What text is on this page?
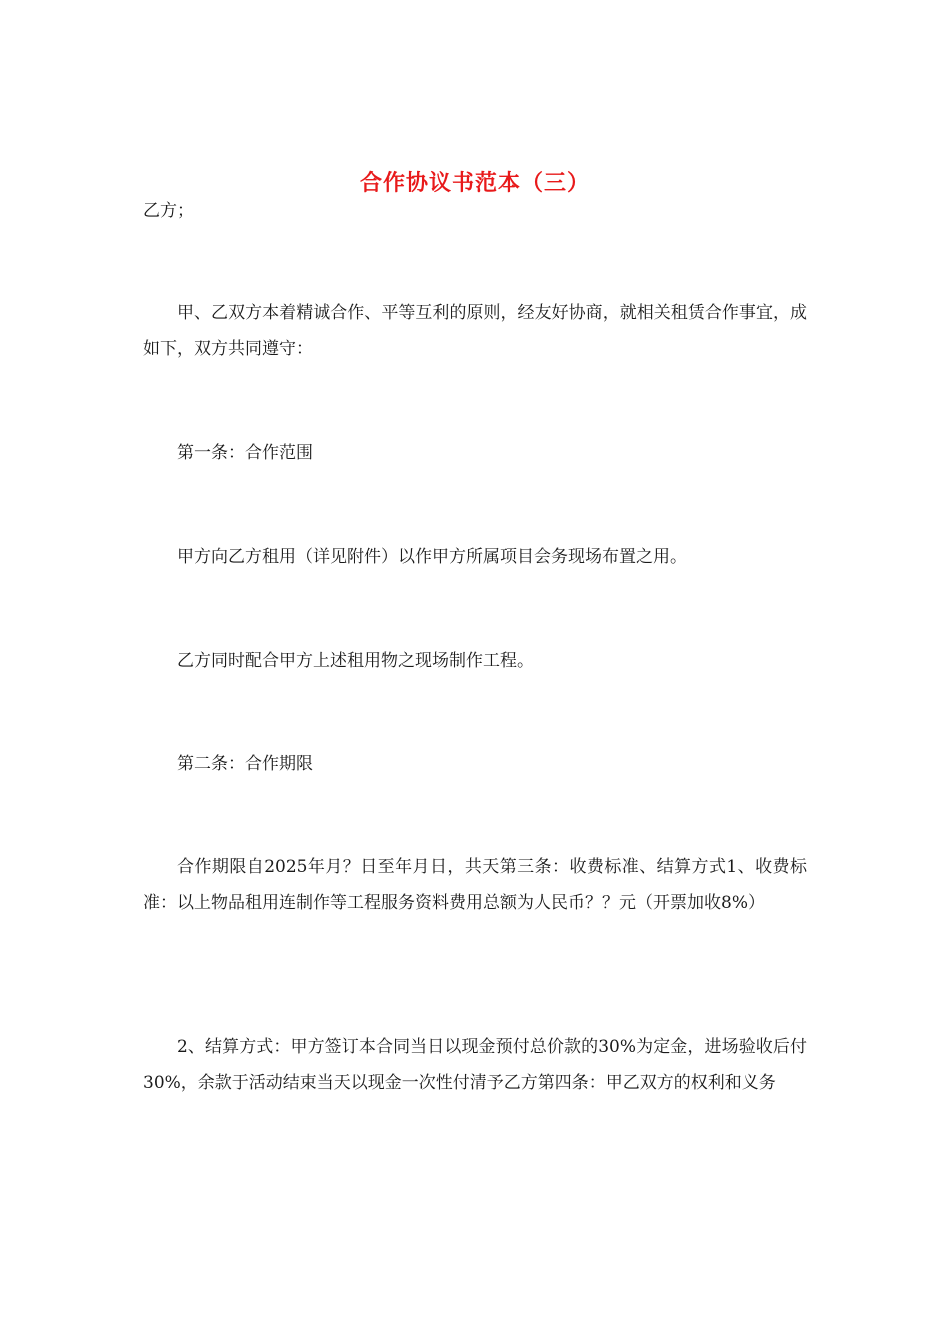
合作协议书范本（三）

乙方；

甲、乙双方本着精诚合作、平等互利的原则，经友好协商，就相关租赁合作事宜，成如下，双方共同遵守：

第一条：合作范围

甲方向乙方租用（详见附件）以作甲方所属项目会务现场布置之用。

乙方同时配合甲方上述租用物之现场制作工程。

第二条：合作期限

合作期限自2025年月？日至年月日，共天第三条：收费标准、结算方式1、收费标准：以上物品租用连制作等工程服务资料费用总额为人民币？？元（开票加收8%）

2、结算方式：甲方签订本合同当日以现金预付总价款的30%为定金，进场验收后付30%，余款于活动结束当天以现金一次性付清予乙方第四条：甲乙双方的权利和义务
